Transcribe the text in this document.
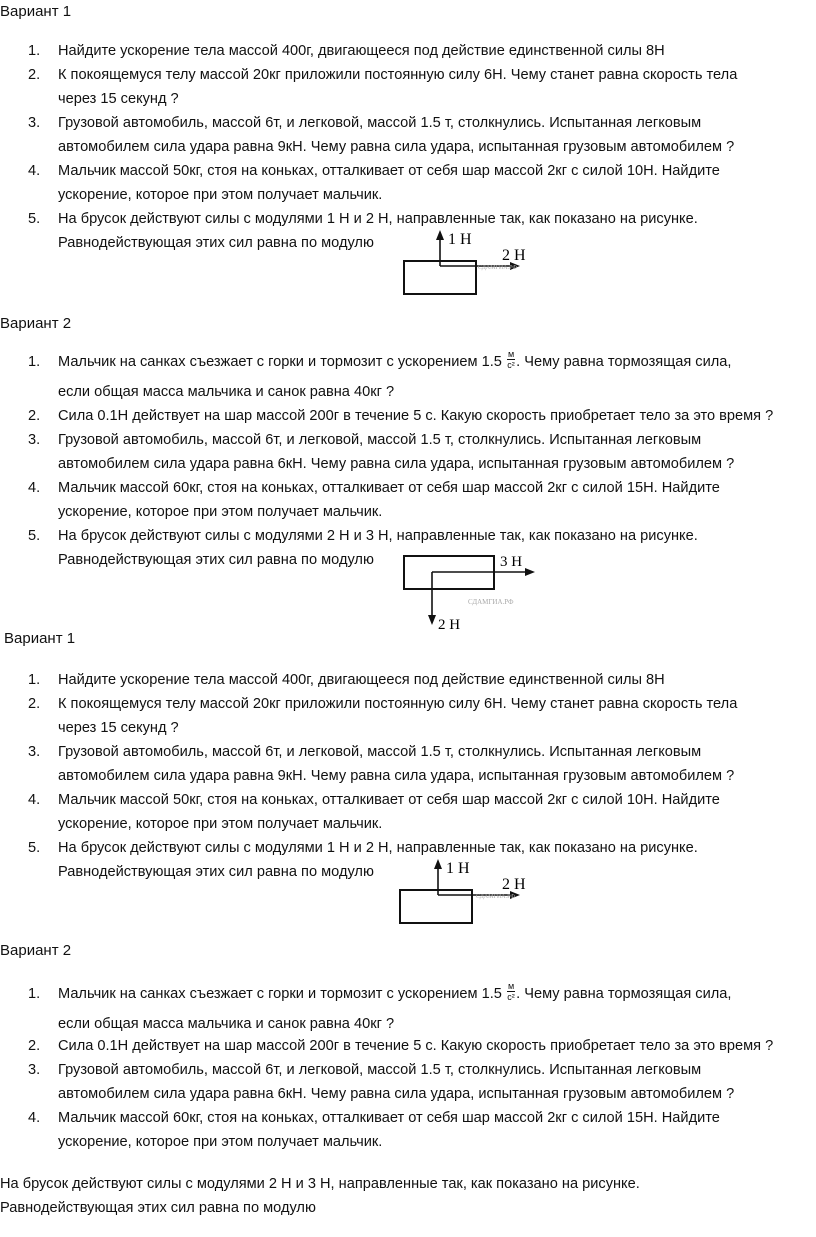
Вариант 1
1.	Найдите ускорение тела массой 400г, двигающееся под действие единственной силы 8Н
2.	К покоящемуся телу массой 20кг приложили постоянную силу 6Н. Чему станет равна скорость тела
через 15 секунд ?
3.	Грузовой автомобиль, массой 6т, и легковой, массой 1.5 т, столкнулись. Испытанная легковым
автомобилем сила удара равна 9кН. Чему равна сила удара, испытанная грузовым автомобилем ?
4.	Мальчик массой 50кг, стоя на коньках, отталкивает от себя шар массой 2кг с силой 10Н. Найдите
ускорение, которое при этом получает мальчик.
5.	На брусок действуют силы с модулями 1 Н и 2 Н, направленные так, как показано на рисунке.
Равнодействующая этих сил равна по модулю	1 Н
2 Н
СДАМГИА.РФ
Вариант 2
1.	Мальчик на санках съезжает с горки и тормозит с ускорением $1.5 \frac{м}{\text{с²}}$ . Чему равна тормозящая сила,
если общая масса мальчика и санок равна 40кг ?
2.	Сила 0.1Н действует на шар массой 200г в течение 5 с. Какую скорость приобретает тело за это время ?
3.	Грузовой автомобиль, массой 6т, и легковой, массой 1.5 т, столкнулись. Испытанная легковым
автомобилем сила удара равна 6кН. Чему равна сила удара, испытанная грузовым автомобилем ?
4.	Мальчик массой 60кг, стоя на коньках, отталкивает от себя шар массой 2кг с силой 15Н. Найдите
ускорение, которое при этом получает мальчик.
5.	На брусок действуют силы с модулями 2 Н и 3 Н, направленные так, как показано на рисунке.
Равнодействующая этих сил равна по модулю	3 Н
2 Н
СДАМГИА.РФ
Вариант 1
1.	Найдите ускорение тела массой 400г, двигающееся под действие единственной силы 8Н
2.	К покоящемуся телу массой 20кг приложили постоянную силу 6Н. Чему станет равна скорость тела
через 15 секунд ?
3.	Грузовой автомобиль, массой 6т, и легковой, массой 1.5 т, столкнулись. Испытанная легковым
автомобилем сила удара равна 9кН. Чему равна сила удара, испытанная грузовым автомобилем ?
4.	Мальчик массой 50кг, стоя на коньках, отталкивает от себя шар массой 2кг с силой 10Н. Найдите
ускорение, которое при этом получает мальчик.
5.	На брусок действуют силы с модулями 1 Н и 2 Н, направленные так, как показано на рисунке.
Равнодействующая этих сил равна по модулю	1 Н
2 Н
СДАМГИА.РФ
Вариант 2
1.	Мальчик на санках съезжает с горки и тормозит с ускорением $1.5 \frac{м}{\text{с²}}$ . Чему равна тормозящая сила,
если общая масса мальчика и санок равна 40кг ?
2.	Сила 0.1Н действует на шар массой 200г в течение 5 с. Какую скорость приобретает тело за это время ?
3.	Грузовой автомобиль, массой 6т, и легковой, массой 1.5 т, столкнулись. Испытанная легковым
автомобилем сила удара равна 6кН. Чему равна сила удара, испытанная грузовым автомобилем ?
4.	Мальчик массой 60кг, стоя на коньках, отталкивает от себя шар массой 2кг с силой 15Н. Найдите
ускорение, которое при этом получает мальчик.
На брусок действуют силы с модулями 2 Н и 3 Н, направленные так, как показано на рисунке.
Равнодействующая этих сил равна по модулю
